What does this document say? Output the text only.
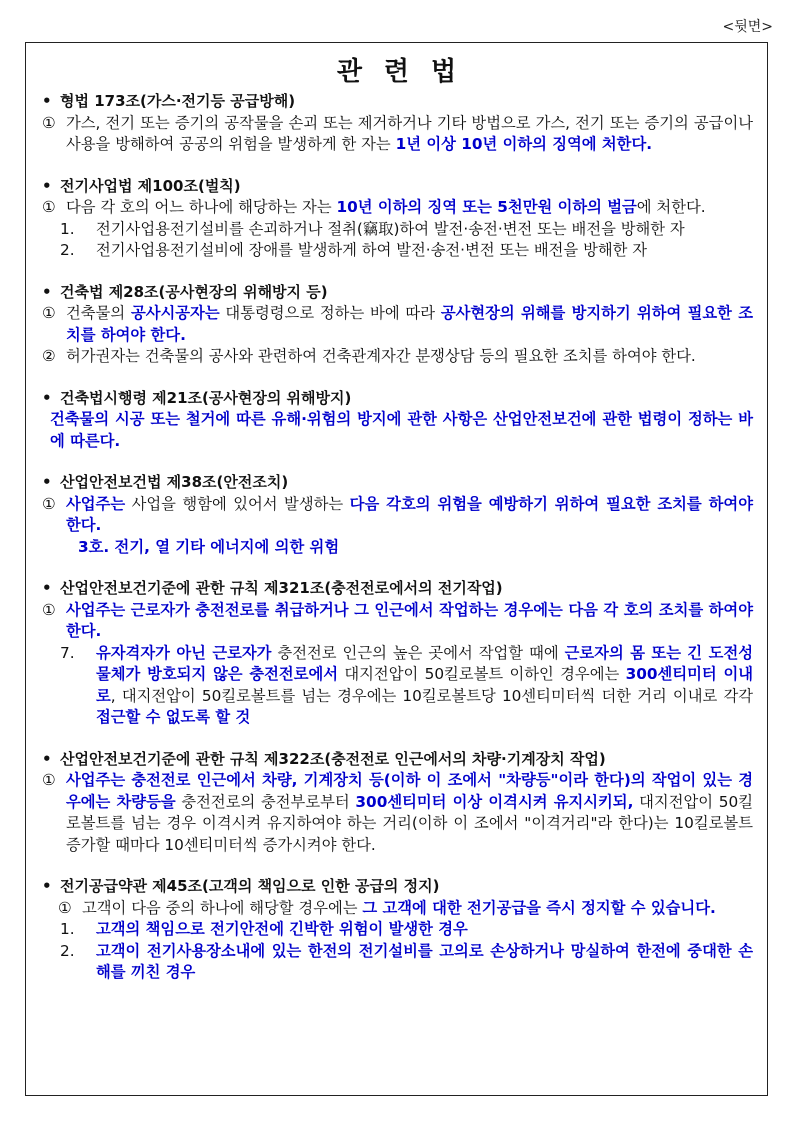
<뒷면>
관련법
• 형법 173조(가스·전기등 공급방해)
① 가스, 전기 또는 증기의 공작물을 손괴 또는 제거하거나 기타 방법으로 가스, 전기 또는 증기의 공급이나 사용을 방해하여 공공의 위험을 발생하게 한 자는 1년 이상 10년 이하의 징역에 처한다.
• 전기사업법 제100조(벌칙)
① 다음 각 호의 어느 하나에 해당하는 자는 10년 이하의 징역 또는 5천만원 이하의 벌금에 처한다.
1.전기사업용전기설비를 손괴하거나 절취(竊取)하여 발전·송전·변전 또는 배전을 방해한 자
2.전기사업용전기설비에 장애를 발생하게 하여 발전·송전·변전 또는 배전을 방해한 자
• 건축법 제28조(공사현장의 위해방지 등)
① 건축물의 공사시공자는 대통령령으로 정하는 바에 따라 공사현장의 위해를 방지하기 위하여 필요한 조치를 하여야 한다.
② 허가권자는 건축물의 공사와 관련하여 건축관계자간 분쟁상담 등의 필요한 조치를 하여야 한다.
• 건축법시행령 제21조(공사현장의 위해방지)
건축물의 시공 또는 철거에 따른 유해·위험의 방지에 관한 사항은 산업안전보건에 관한 법령이 정하는 바에 따른다.
• 산업안전보건법 제38조(안전조치)
① 사업주는 사업을 행함에 있어서 발생하는 다음 각호의 위험을 예방하기 위하여 필요한 조치를 하여야 한다.
3호. 전기, 열 기타 에너지에 의한 위험
• 산업안전보건기준에 관한 규칙 제321조(충전전로에서의 전기작업)
① 사업주는 근로자가 충전전로를 취급하거나 그 인근에서 작업하는 경우에는 다음 각 호의 조치를 하여야 한다.
7.유자격자가 아닌 근로자가 충전전로 인근의 높은 곳에서 작업할 때에 근로자의 몸 또는 긴 도전성물체가 방호되지 않은 충전전로에서 대지전압이 50킬로볼트 이하인 경우에는 300센티미터 이내로, 대지전압이 50킬로볼트를 넘는 경우에는 10킬로볼트당 10센티미터씩 더한 거리 이내로 각각 접근할 수 없도록 할 것
• 산업안전보건기준에 관한 규칙 제322조(충전전로 인근에서의 차량·기계장치 작업)
① 사업주는 충전전로 인근에서 차량, 기계장치 등(이하 이 조에서 "차량등"이라 한다)의 작업이 있는 경우에는 차량등을 충전전로의 충전부로부터 300센티미터 이상 이격시켜 유지시키되, 대지전압이 50킬로볼트를 넘는 경우 이격시켜 유지하여야 하는 거리(이하 이 조에서 "이격거리"라 한다)는 10킬로볼트 증가할 때마다 10센티미터씩 증가시켜야 한다.
• 전기공급약관 제45조(고객의 책임으로 인한 공급의 정지)
① 고객이 다음 중의 하나에 해당할 경우에는 그 고객에 대한 전기공급을 즉시 정지할 수 있습니다.
1.고객의 책임으로 전기안전에 긴박한 위험이 발생한 경우
2.고객이 전기사용장소내에 있는 한전의 전기설비를 고의로 손상하거나 망실하여 한전에 중대한 손해를 끼친 경우
